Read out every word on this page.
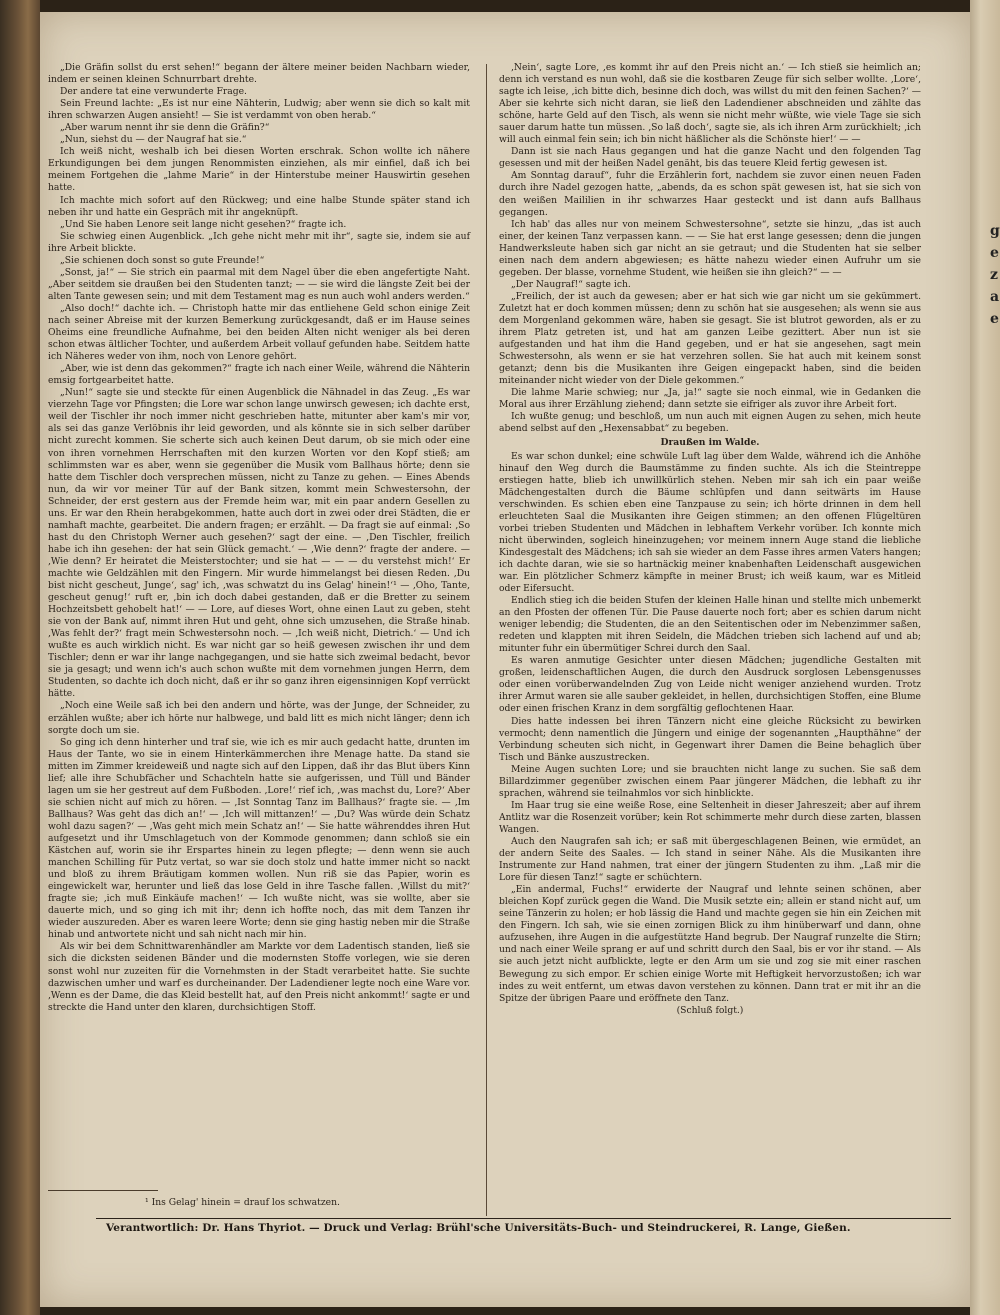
„Die Gräfin sollst du erst sehen!“ begann der ältere meiner beiden Nachbarn wieder, indem er seinen kleinen Schnurrbart drehte.

Der andere tat eine verwunderte Frage.

Sein Freund lachte: „Es ist nur eine Nähterin, Ludwig; aber wenn sie dich so kalt mit ihren schwarzen Augen ansieht! — Sie ist verdammt von oben herab.“

„Aber warum nennt ihr sie denn die Gräfin?“

„Nun, siehst du — der Naugraf hat sie.“

Ich weiß nicht, weshalb ich bei diesen Worten erschrak. Schon wollte ich nähere Erkundigungen bei dem jungen Renommisten einziehen, als mir einfiel, daß ich bei meinem Fortgehen die „lahme Marie“ in der Hinterstube meiner Hauswirtin gesehen hatte.

Ich machte mich sofort auf den Rückweg; und eine halbe Stunde später stand ich neben ihr und hatte ein Gespräch mit ihr angeknüpft.

„Und Sie haben Lenore seit lange nicht gesehen?“ fragte ich.

Sie schwieg einen Augenblick. „Ich gehe nicht mehr mit ihr“, sagte sie, indem sie auf ihre Arbeit blickte.

„Sie schienen doch sonst so gute Freunde!“

„Sonst, ja!“ — Sie strich ein paarmal mit dem Nagel über die eben angefertigte Naht. „Aber seitdem sie draußen bei den Studenten tanzt; — — sie wird die längste Zeit bei der alten Tante gewesen sein; und mit dem Testament mag es nun auch wohl anders werden.“

„Also doch!“ dachte ich. — Christoph hatte mir das entliehene Geld schon einige Zeit nach seiner Abreise mit der kurzen Bemerkung zurückgesandt, daß er im Hause seines Oheims eine freundliche Aufnahme, bei den beiden Alten nicht weniger als bei deren schon etwas ältlicher Tochter, und außerdem Arbeit vollauf gefunden habe. Seitdem hatte ich Näheres weder von ihm, noch von Lenore gehört.

„Aber, wie ist denn das gekommen?“ fragte ich nach einer Weile, während die Nähterin emsig fortgearbeitet hatte.

„Nun!“ sagte sie und steckte für einen Augenblick die Nähnadel in das Zeug. „Es war vierzehn Tage vor Pfingsten; die Lore war schon lange unwirsch gewesen; ich dachte erst, weil der Tischler ihr noch immer nicht geschrieben hatte, mitunter aber kam's mir vor, als sei das ganze Verlöbnis ihr leid geworden, und als könnte sie in sich selber darüber nicht zurecht kommen. Sie scherte sich auch keinen Deut darum, ob sie mich oder eine von ihren vornehmen Herrschaften mit den kurzen Worten vor den Kopf stieß; am schlimmsten war es aber, wenn sie gegenüber die Musik vom Ballhaus hörte; denn sie hatte dem Tischler doch versprechen müssen, nicht zu Tanze zu gehen. — Eines Abends nun, da wir vor meiner Tür auf der Bank sitzen, kommt mein Schwestersohn, der Schneider, der erst gestern aus der Fremde heim war, mit ein paar andern Gesellen zu uns. Er war den Rhein herabgekommen, hatte auch dort in zwei oder drei Städten, die er namhaft machte, gearbeitet. Die andern fragen; er erzählt. — Da fragt sie auf einmal: ‚So hast du den Christoph Werner auch gesehen?‘ sagt der eine. — ‚Den Tischler, freilich habe ich ihn gesehen: der hat sein Glück gemacht.‘ — ‚Wie denn?‘ fragte der andere. — ‚Wie denn? Er heiratet die Meisterstochter; und sie hat — — — du verstehst mich!‘ Er machte wie Geldzählen mit den Fingern. Mir wurde himmelangst bei diesen Reden. ‚Du bist nicht gescheut, Junge‘, sag' ich, ‚was schwatzt du ins Gelag' hinein!‘¹ — ‚Oho, Tante, gescheut genug!‘ ruft er, ‚bin ich doch dabei gestanden, daß er die Bretter zu seinem Hochzeitsbett gehobelt hat!‘ — — Lore, auf dieses Wort, ohne einen Laut zu geben, steht sie von der Bank auf, nimmt ihren Hut und geht, ohne sich umzusehen, die Straße hinab. ‚Was fehlt der?‘ fragt mein Schwestersohn noch. — ‚Ich weiß nicht, Dietrich.‘ — Und ich wußte es auch wirklich nicht. Es war nicht gar so heiß gewesen zwischen ihr und dem Tischler; denn er war ihr lange nachgegangen, und sie hatte sich zweimal bedacht, bevor sie ja gesagt; und wenn ich's auch schon wußte mit dem vornehmen jungen Herrn, dem Studenten, so dachte ich doch nicht, daß er ihr so ganz ihren eigensinnigen Kopf verrückt hätte.

„Noch eine Weile saß ich bei den andern und hörte, was der Junge, der Schneider, zu erzählen wußte; aber ich hörte nur halbwege, und bald litt es mich nicht länger; denn ich sorgte doch um sie.

So ging ich denn hinterher und traf sie, wie ich es mir auch gedacht hatte, drunten im Haus der Tante, wo sie in einem Hinterkämmerchen ihre Menage hatte. Da stand sie mitten im Zimmer kreideweiß und nagte sich auf den Lippen, daß ihr das Blut übers Kinn lief; alle ihre Schubfächer und Schachteln hatte sie aufgerissen, und Tüll und Bänder lagen um sie her gestreut auf dem Fußboden. ‚Lore!‘ rief ich, ‚was machst du, Lore?‘ Aber sie schien nicht auf mich zu hören. — ‚Ist Sonntag Tanz im Ballhaus?‘ fragte sie. — ‚Im Ballhaus? Was geht das dich an!‘ — ‚Ich will mittanzen!‘ — ‚Du? Was würde dein Schatz wohl dazu sagen?‘ — ‚Was geht mich mein Schatz an!‘ — Sie hatte währenddes ihren Hut aufgesetzt und ihr Umschlagetuch von der Kommode genommen; dann schloß sie ein Kästchen auf, worin sie ihr Erspartes hinein zu legen pflegte; — denn wenn sie auch manchen Schilling für Putz vertat, so war sie doch stolz und hatte immer nicht so nackt und bloß zu ihrem Bräutigam kommen wollen. Nun riß sie das Papier, worin es eingewickelt war, herunter und ließ das lose Geld in ihre Tasche fallen. ‚Willst du mit?‘ fragte sie; ‚ich muß Einkäufe machen!‘ — Ich wußte nicht, was sie wollte, aber sie dauerte mich, und so ging ich mit ihr; denn ich hoffte noch, das mit dem Tanzen ihr wieder auszureden. Aber es waren leere Worte; denn sie ging hastig neben mir die Straße hinab und antwortete nicht und sah nicht nach mir hin.

Als wir bei dem Schnittwarenhändler am Markte vor dem Ladentisch standen, ließ sie sich die dicksten seidenen Bänder und die modernsten Stoffe vorlegen, wie sie deren sonst wohl nur zuzeiten für die Vornehmsten in der Stadt verarbeitet hatte. Sie suchte dazwischen umher und warf es durcheinander. Der Ladendiener legte noch eine Ware vor. ‚Wenn es der Dame, die das Kleid bestellt hat, auf den Preis nicht ankommt!‘ sagte er und streckte die Hand unter den klaren, durchsichtigen Stoff.

‚Nein‘, sagte Lore, ‚es kommt ihr auf den Preis nicht an.‘ — Ich stieß sie heimlich an; denn ich verstand es nun wohl, daß sie die kostbaren Zeuge für sich selber wollte. ‚Lore‘, sagte ich leise, ‚ich bitte dich, besinne dich doch, was willst du mit den feinen Sachen?‘ — Aber sie kehrte sich nicht daran, sie ließ den Ladendiener abschneiden und zählte das schöne, harte Geld auf den Tisch, als wenn sie nicht mehr wüßte, wie viele Tage sie sich sauer darum hatte tun müssen. ‚So laß doch‘, sagte sie, als ich ihren Arm zurückhielt; ‚ich will auch einmal fein sein; ich bin nicht häßlicher als die Schönste hier!‘ — —

Dann ist sie nach Haus gegangen und hat die ganze Nacht und den folgenden Tag gesessen und mit der heißen Nadel genäht, bis das teuere Kleid fertig gewesen ist.

Am Sonntag darauf“, fuhr die Erzählerin fort, nachdem sie zuvor einen neuen Faden durch ihre Nadel gezogen hatte, „abends, da es schon spät gewesen ist, hat sie sich von den weißen Maililien in ihr schwarzes Haar gesteckt und ist dann aufs Ballhaus gegangen.

Ich hab' das alles nur von meinem Schwestersohne“, setzte sie hinzu, „das ist auch einer, der keinen Tanz verpassen kann. — — Sie hat erst lange gesessen; denn die jungen Handwerksleute haben sich gar nicht an sie getraut; und die Studenten hat sie selber einen nach dem andern abgewiesen; es hätte nahezu wieder einen Aufruhr um sie gegeben. Der blasse, vornehme Student, wie heißen sie ihn gleich?“ — —

„Der Naugraf!“ sagte ich.

„Freilich, der ist auch da gewesen; aber er hat sich wie gar nicht um sie gekümmert. Zuletzt hat er doch kommen müssen; denn zu schön hat sie ausgesehen; als wenn sie aus dem Morgenland gekommen wäre, haben sie gesagt. Sie ist blutrot geworden, als er zu ihrem Platz getreten ist, und hat am ganzen Leibe gezittert. Aber nun ist sie aufgestanden und hat ihm die Hand gegeben, und er hat sie angesehen, sagt mein Schwestersohn, als wenn er sie hat verzehren sollen. Sie hat auch mit keinem sonst getanzt; denn bis die Musikanten ihre Geigen eingepackt haben, sind die beiden miteinander nicht wieder von der Diele gekommen.“

Die lahme Marie schwieg; nur „Ja, ja!“ sagte sie noch einmal, wie in Gedanken die Moral aus ihrer Erzählung ziehend; dann setzte sie eifriger als zuvor ihre Arbeit fort.

Ich wußte genug; und beschloß, um nun auch mit eignen Augen zu sehen, mich heute abend selbst auf den „Hexensabbat“ zu begeben.

Draußen im Walde.

Es war schon dunkel; eine schwüle Luft lag über dem Walde, während ich die Anhöhe hinauf den Weg durch die Baumstämme zu finden suchte. Als ich die Steintreppe erstiegen hatte, blieb ich unwillkürlich stehen. Neben mir sah ich ein paar weiße Mädchengestalten durch die Bäume schlüpfen und dann seitwärts im Hause verschwinden. Es schien eben eine Tanzpause zu sein; ich hörte drinnen in dem hell erleuchteten Saal die Musikanten ihre Geigen stimmen; an den offenen Flügeltüren vorbei trieben Studenten und Mädchen in lebhaftem Verkehr vorüber. Ich konnte mich nicht überwinden, sogleich hineinzugehen; vor meinem innern Auge stand die liebliche Kindesgestalt des Mädchens; ich sah sie wieder an dem Fasse ihres armen Vaters hangen; ich dachte daran, wie sie so hartnäckig meiner knabenhaften Leidenschaft ausgewichen war. Ein plötzlicher Schmerz kämpfte in meiner Brust; ich weiß kaum, war es Mitleid oder Eifersucht.

Endlich stieg ich die beiden Stufen der kleinen Halle hinan und stellte mich unbemerkt an den Pfosten der offenen Tür. Die Pause dauerte noch fort; aber es schien darum nicht weniger lebendig; die Studenten, die an den Seitentischen oder im Nebenzimmer saßen, redeten und klappten mit ihren Seideln, die Mädchen trieben sich lachend auf und ab; mitunter fuhr ein übermütiger Schrei durch den Saal.

Es waren anmutige Gesichter unter diesen Mädchen; jugendliche Gestalten mit großen, leidenschaftlichen Augen, die durch den Ausdruck sorglosen Lebensgenusses oder einen vorüberwandelnden Zug von Leide nicht weniger anziehend wurden. Trotz ihrer Armut waren sie alle sauber gekleidet, in hellen, durchsichtigen Stoffen, eine Blume oder einen frischen Kranz in dem sorgfältig geflochtenen Haar.

Dies hatte indessen bei ihren Tänzern nicht eine gleiche Rücksicht zu bewirken vermocht; denn namentlich die Jüngern und einige der sogenannten „Haupthähne“ der Verbindung scheuten sich nicht, in Gegenwart ihrer Damen die Beine behaglich über Tisch und Bänke auszustrecken.

Meine Augen suchten Lore; und sie brauchten nicht lange zu suchen. Sie saß dem Billardzimmer gegenüber zwischen einem Paar jüngerer Mädchen, die lebhaft zu ihr sprachen, während sie teilnahmlos vor sich hinblickte.

Im Haar trug sie eine weiße Rose, eine Seltenheit in dieser Jahreszeit; aber auf ihrem Antlitz war die Rosenzeit vorüber; kein Rot schimmerte mehr durch diese zarten, blassen Wangen.

Auch den Naugrafen sah ich; er saß mit übergeschlagenen Beinen, wie ermüdet, an der andern Seite des Saales. — Ich stand in seiner Nähe. Als die Musikanten ihre Instrumente zur Hand nahmen, trat einer der jüngern Studenten zu ihm. „Laß mir die Lore für diesen Tanz!“ sagte er schüchtern.

„Ein andermal, Fuchs!“ erwiderte der Naugraf und lehnte seinen schönen, aber bleichen Kopf zurück gegen die Wand. Die Musik setzte ein; allein er stand nicht auf, um seine Tänzerin zu holen; er hob lässig die Hand und machte gegen sie hin ein Zeichen mit den Fingern. Ich sah, wie sie einen zornigen Blick zu ihm hinüberwarf und dann, ohne aufzusehen, ihre Augen in die aufgestützte Hand begrub. Der Naugraf runzelte die Stirn; und nach einer Weile sprang er auf und schritt durch den Saal, bis er vor ihr stand. — Als sie auch jetzt nicht aufblickte, legte er den Arm um sie und zog sie mit einer raschen Bewegung zu sich empor. Er schien einige Worte mit Heftigkeit hervorzustoßen; ich war indes zu weit entfernt, um etwas davon verstehen zu können. Dann trat er mit ihr an die Spitze der übrigen Paare und eröffnete den Tanz.

(Schluß folgt.)

¹ Ins Gelag' hinein = drauf los schwatzen.
Verantwortlich: Dr. Hans Thyriot. — Druck und Verlag: Brühl'sche Universitäts-Buch- und Steindruckerei, R. Lange, Gießen.
g
e
z
a
e
